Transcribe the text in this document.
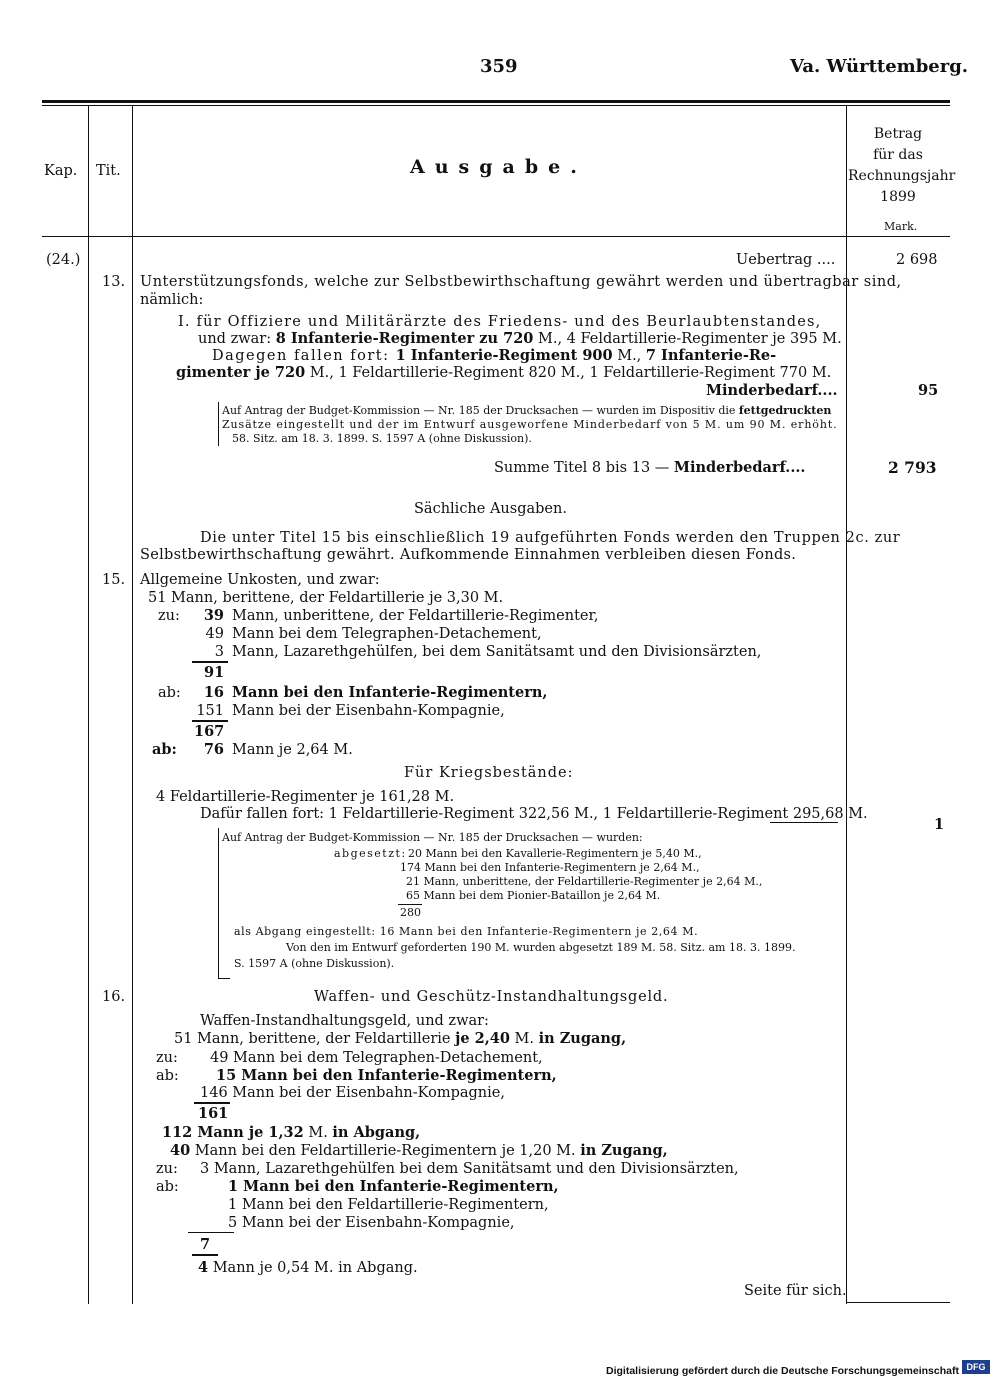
359	Va. Württemberg.
Kap. Tit.	Ausgabe.
Betrag
für das
Rechnungsjahr
1899
Mark.
(24.)	Uebertrag ....	2 698
13. Unterstützungsfonds, welche zur Selbstbewirthschaftung gewährt werden und übertragbar sind,
nämlich:
I. für Offiziere und Militärärzte des Friedens- und des Beurlaubtenstandes,
und zwar: 8 Infanterie-Regimenter zu 720 M., 4 Feldartillerie-Regimenter je 395 M.
Dagegen fallen fort: 1 Infanterie-Regiment 900 M., 7 Infanterie-Re-
gimenter je 720 M., 1 Feldartillerie-Regiment 820 M., 1 Feldartillerie-Regiment 770 M.
Minderbedarf....	95
Auf Antrag der Budget-Kommission — Nr. 185 der Drucksachen — wurden im Dispositiv die fettgedruckten
Zusätze eingestellt und der im Entwurf ausgeworfene Minderbedarf von 5 M. um 90 M. erhöht.
58. Sitz. am 18. 3. 1899. S. 1597 A (ohne Diskussion).
Summe Titel 8 bis 13 — Minderbedarf....	2 793
Sächliche Ausgaben.
Die unter Titel 15 bis einschließlich 19 aufgeführten Fonds werden den Truppen 2c. zur
Selbstbewirthschaftung gewährt. Aufkommende Einnahmen verbleiben diesen Fonds.
15. Allgemeine Unkosten, und zwar:
51 Mann, berittene, der Feldartillerie je 3,30 M.
zu:	39 Mann, unberittene, der Feldartillerie-Regimenter,
49 Mann bei dem Telegraphen-Detachement,
3 Mann, Lazarethgehülfen, bei dem Sanitätsamt und den Divisionsärzten,
91
ab:	16 Mann bei den Infanterie-Regimentern,
151 Mann bei der Eisenbahn-Kompagnie,
167
ab:	76 Mann je 2,64 M.
Für Kriegsbestände:
4 Feldartillerie-Regimenter je 161,28 M.
Dafür fallen fort: 1 Feldartillerie-Regiment 322,56 M., 1 Feldartillerie-Regiment 295,68 M.
1
Auf Antrag der Budget-Kommission — Nr. 185 der Drucksachen — wurden:
abgesetzt: 20 Mann bei den Kavallerie-Regimentern je 5,40 M.,
174 Mann bei den Infanterie-Regimentern je 2,64 M.,
21 Mann, unberittene, der Feldartillerie-Regimenter je 2,64 M.,
65 Mann bei dem Pionier-Bataillon je 2,64 M.
280
als Abgang eingestellt: 16 Mann bei den Infanterie-Regimentern je 2,64 M.
Von den im Entwurf geforderten 190 M. wurden abgesetzt 189 M. 58. Sitz. am 18. 3. 1899.
S. 1597 A (ohne Diskussion).
16.	Waffen- und Geschütz-Instandhaltungsgeld.
Waffen-Instandhaltungsgeld, und zwar:
51 Mann, berittene, der Feldartillerie je 2,40 M. in Zugang,
zu: 49 Mann bei dem Telegraphen-Detachement,
ab:	15 Mann bei den Infanterie-Regimentern,
146 Mann bei der Eisenbahn-Kompagnie,
161
112 Mann je 1,32 M. in Abgang,
40 Mann bei den Feldartillerie-Regimentern je 1,20 M. in Zugang,
zu: 3 Mann, Lazarethgehülfen bei dem Sanitätsamt und den Divisionsärzten,
ab:	1 Mann bei den Infanterie-Regimentern,
1 Mann bei den Feldartillerie-Regimentern,
5 Mann bei der Eisenbahn-Kompagnie,
7
4 Mann je 0,54 M. in Abgang.
Seite für sich.
Digitalisierung gefördert durch die Deutsche Forschungsgemeinschaft DFG
